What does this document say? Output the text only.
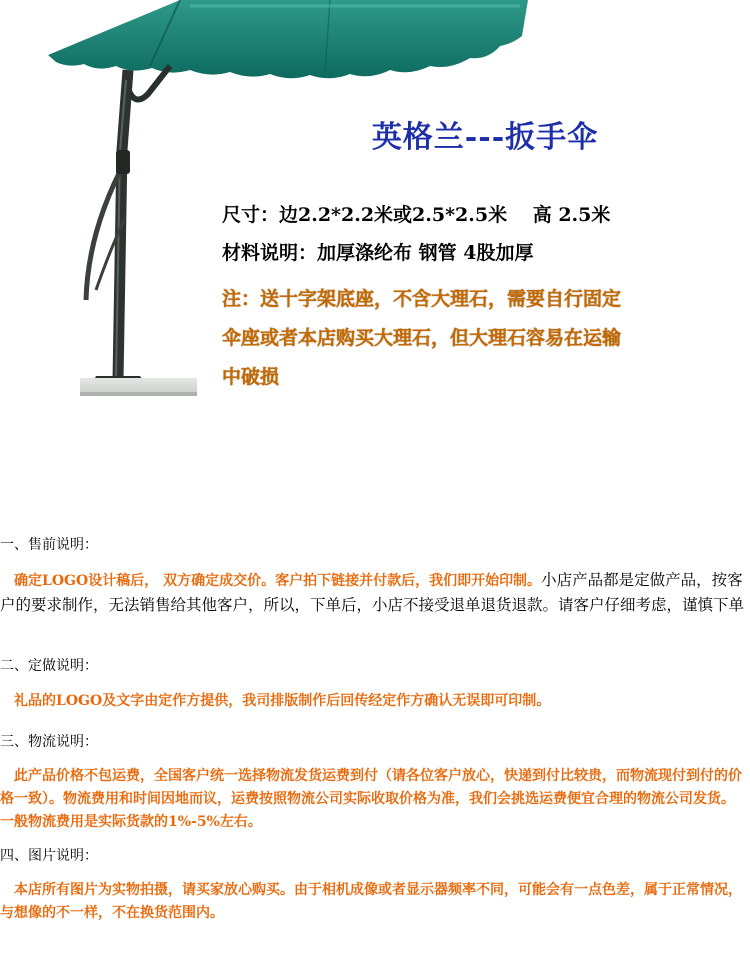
英格兰---扳手伞
尺寸：边2.2*2.2米或2.5*2.5米　 高 2.5米
材料说明：加厚涤纶布 钢管 4股加厚
注：送十字架底座，不含大理石，需要自行固定
伞座或者本店购买大理石，但大理石容易在运输
中破损
一、售前说明：
　确定LOGO设计稿后， 双方确定成交价。客户拍下链接并付款后，我们即开始印制。小店产品都是定做产品，按客户的要求制作，无法销售给其他客户，所以，下单后，小店不接受退单退货退款。请客户仔细考虑，谨慎下单
二、定做说明：
　礼品的LOGO及文字由定作方提供，我司排版制作后回传经定作方确认无误即可印制。
三、物流说明：
　此产品价格不包运费，全国客户统一选择物流发货运费到付（请各位客户放心，快递到付比较贵，而物流现付到付的价格一致）。物流费用和时间因地而议，运费按照物流公司实际收取价格为准，我们会挑选运费便宜合理的物流公司发货。一般物流费用是实际货款的1%-5%左右。
四、图片说明：
　本店所有图片为实物拍摄，请买家放心购买。由于相机成像或者显示器频率不同，可能会有一点色差，属于正常情况，与想像的不一样，不在换货范围内。
